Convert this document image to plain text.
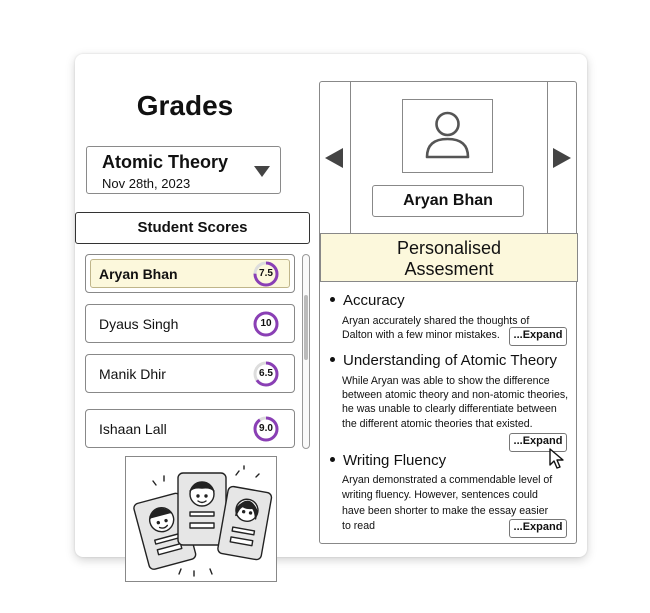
Grades
Atomic Theory
Nov 28th, 2023
Student Scores
Aryan Bhan	7.5
Dyaus Singh	10
Manik Dhir	6.5
Ishaan Lall	9.0
Aryan Bhan
Personalised
Assesment
Accuracy
Aryan accurately shared the thoughts of Dalton with a few minor mistakes.	...Expand
Understanding of Atomic Theory
While Aryan was able to show the difference between atomic theory and non-atomic theories, he was unable to clearly differentiate between the different atomic theories that existed.
...Expand
Writing Fluency
Aryan demonstrated a commendable level of writing fluency. However, sentences could have been shorter to make the essay easier to read	...Expand
